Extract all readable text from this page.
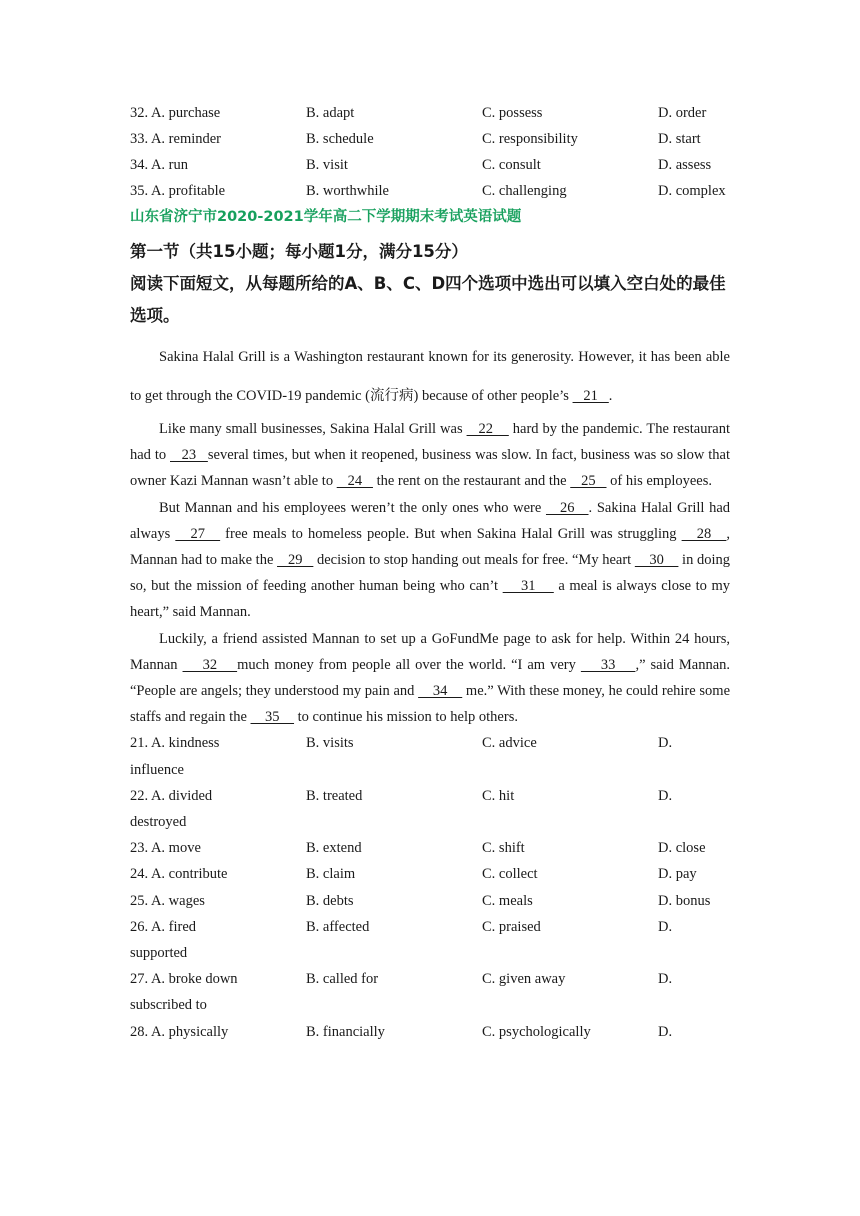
32. A. purchase	B. adapt	C. possess	D. order
33. A. reminder	B. schedule	C. responsibility	D. start
34. A. run	B. visit	C. consult	D. assess
35. A. profitable	B. worthwhile	C. challenging	D. complex
山东省济宁市2020-2021学年高二下学期期末考试英语试题
第一节（共15小题；每小题1分，满分15分）
阅读下面短文，从每题所给的A、B、C、D四个选项中选出可以填入空白处的最佳选项。

Sakina Halal Grill is a Washington restaurant known for its generosity. However, it has been able to get through the COVID-19 pandemic (流行病) because of other people’s    21   .

Like many small businesses, Sakina Halal Grill was    22     hard by the pandemic. The restaurant had to    23   several times, but when it reopened, business was slow. In fact, business was so slow that owner Kazi Mannan wasn’t able to    24    the rent on the restaurant and the    25    of his employees.

But Mannan and his employees weren’t the only ones who were    26   . Sakina Halal Grill had always    27    free meals to homeless people. But when Sakina Halal Grill was struggling    28   , Mannan had to make the    29    decision to stop handing out meals for free. “My heart     30     in doing so, but the mission of feeding another human being who can’t     31     a meal is always close to my heart,” said Mannan.

Luckily, a friend assisted Mannan to set up a GoFundMe page to ask for help. Within 24 hours, Mannan     32    much money from people all over the world. “I am very     33    ,” said Mannan. “People are angels; they understood my pain and     34     me.” With these money, he could rehire some staffs and regain the     35     to continue his mission to help others.

21. A. kindness	B. visits	C. advice	D.
influence
22. A. divided	B. treated	C. hit	D.
destroyed
23. A. move	B. extend	C. shift	D. close
24. A. contribute	B. claim	C. collect	D. pay
25. A. wages	B. debts	C. meals	D. bonus
26. A. fired	B. affected	C. praised	D.
supported
27. A. broke down	B. called for	C. given away	D.
subscribed to
28. A. physically	B. financially	C. psychologically	D.
